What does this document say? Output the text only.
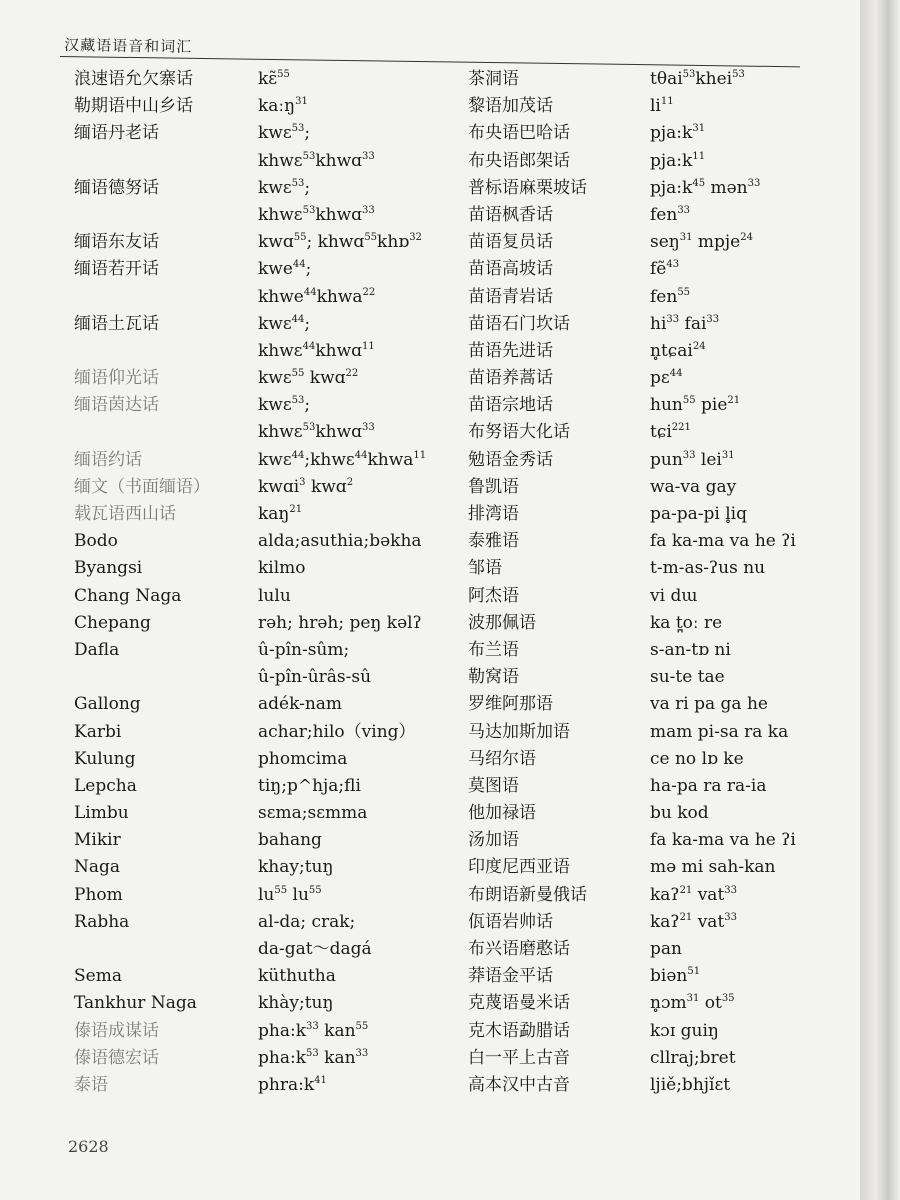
汉藏语语音和词汇
浪速语允欠寨话
勒期语中山乡话
缅语丹老话
缅语德努话
缅语东友话
缅语若开话
缅语土瓦话
缅语仰光话
缅语茵达话
缅语约话
缅文（书面缅语）
载瓦语西山话
Bodo
Byangsi
Chang Naga
Chepang
Dafla
Gallong
Karbi
Kulung
Lepcha
Limbu
Mikir
Naga
Phom
Rabha
Sema
Tankhur Naga
傣语成谋话
傣语德宏话
泰语
kɛ̃$^{55}$
kaːŋ$^{31}$
kwɛ$^{53}$;
khwɛ$^{53}$khwɑ$^{33}$
kwɛ$^{53}$;
khwɛ$^{53}$khwɑ$^{33}$
kwɑ$^{55}$; khwɑ$^{55}$khɒ$^{32}$
kwe$^{44}$;
khwe$^{44}$khwa$^{22}$
kwɛ$^{44}$;
khwɛ$^{44}$khwɑ$^{11}$
kwɛ$^{55}$ kwɑ$^{22}$
kwɛ$^{53}$;
khwɛ$^{53}$khwɑ$^{33}$
kwɛ$^{44}$;khwɛ$^{44}$khwa$^{11}$
kwɑi$^3$ kwɑ$^2$
kaŋ$^{21}$
alda;asuthia;bəkha
kilmo
lulu
rəh; hrəh; peŋ kəlʔ
û-pîn-sûm;
û-pîn-ûrâs-sû
adék-nam
achar;hilo（ving）
phomcima
tiŋ;p^hja;fli
sɛma;sɛmma
bahang
khay;tuŋ
$lu^{55}$ $lu^{55}$
al-da; crak;
da-gat～dagá
küthutha
khày;tuŋ
$pha:k^{33}$ kan$^{55}$
$pha:k^{53}$ kan$^{33}$
$phra:k^{41}$
茶洞语
黎语加茂话
布央语巴哈话
布央语郎架话
普标语麻栗坡话
苗语枫香话
苗语复员话
苗语高坡话
苗语青岩话
苗语石门坎话
苗语先进话
苗语养蒿话
苗语宗地话
布努语大化话
勉语金秀话
鲁凯语
排湾语
泰雅语
邹语
阿杰语
波那佩语
布兰语
勒窝语
罗维阿那语
马达加斯加语
马绍尔语
莫图语
他加禄语
汤加语
印度尼西亚语
布朗语新曼俄话
佤语岩帅话
布兴语磨憨话
莽语金平话
克蔑语曼米话
克木语勐腊话
白一平上古音
高本汉中古音
tθai$^{53}$khei$^{53}$
$li^{11}$
$pja:k^{31}$
$pja:k^{11}$
$pja:k^{45}$ mən$^{33}$
fen$^{33}$
seŋ$^{31}$ mpje$^{24}$
fẽ$^{43}$
fen$^{55}$
$hi^{33}$ fai$^{33}$
n̥tɕai$^{24}$
pɛ$^{44}$
hun$^{55}$ pie$^{21}$
tɕi$^{221}$
pun$^{33}$ lei$^{31}$
wa-va gay
pa-pa-pi l̥iq
fa ka-ma va he ʔi
t-m-as-ʔus nu
vi dɯ
ka t̪oː re
s-an-tɒ ni
su-te tae
va ri pa ga he
mam pi-sa ra ka
ce no lɒ ke
ha-pa ra ra-ia
bu kod
fa ka-ma va he ʔi
mə mi sah-kan
kaʔ$^{21}$ vat$^{33}$
kaʔ$^{21}$ vat$^{33}$
pan
biən$^{51}$
n̥ɔm$^{31}$ $ot^{35}$
kɔɪ guiŋ
cllraj;bret
ljiě;bhjǐɛt
2628
